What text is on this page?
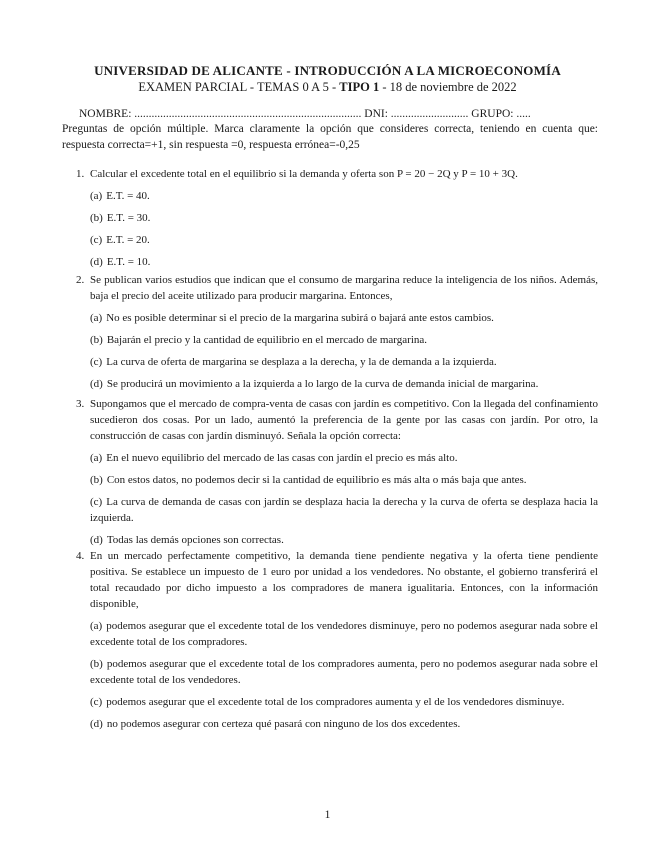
UNIVERSIDAD DE ALICANTE - INTRODUCCIÓN A LA MICROECONOMÍA
EXAMEN PARCIAL - TEMAS 0 A 5 - TIPO 1 - 18 de noviembre de 2022
NOMBRE: ............................................................................... DNI: ........................... GRUPO: .....
Preguntas de opción múltiple. Marca claramente la opción que consideres correcta, teniendo en cuenta que: respuesta correcta=+1, sin respuesta =0, respuesta errónea=-0,25
1. Calcular el excedente total en el equilibrio si la demanda y oferta son P = 20 − 2Q y P = 10 + 3Q.
(a) E.T. = 40.
(b) E.T. = 30.
(c) E.T. = 20.
(d) E.T. = 10.
2. Se publican varios estudios que indican que el consumo de margarina reduce la inteligencia de los niños. Además, baja el precio del aceite utilizado para producir margarina. Entonces,
(a) No es posible determinar si el precio de la margarina subirá o bajará ante estos cambios.
(b) Bajarán el precio y la cantidad de equilibrio en el mercado de margarina.
(c) La curva de oferta de margarina se desplaza a la derecha, y la de demanda a la izquierda.
(d) Se producirá un movimiento a la izquierda a lo largo de la curva de demanda inicial de margarina.
3. Supongamos que el mercado de compra-venta de casas con jardín es competitivo. Con la llegada del confinamiento sucedieron dos cosas. Por un lado, aumentó la preferencia de la gente por las casas con jardín. Por otro, la construcción de casas con jardín disminuyó. Señala la opción correcta:
(a) En el nuevo equilibrio del mercado de las casas con jardín el precio es más alto.
(b) Con estos datos, no podemos decir si la cantidad de equilibrio es más alta o más baja que antes.
(c) La curva de demanda de casas con jardín se desplaza hacia la derecha y la curva de oferta se desplaza hacia la izquierda.
(d) Todas las demás opciones son correctas.
4. En un mercado perfectamente competitivo, la demanda tiene pendiente negativa y la oferta tiene pendiente positiva. Se establece un impuesto de 1 euro por unidad a los vendedores. No obstante, el gobierno transferirá el total recaudado por dicho impuesto a los compradores de manera igualitaria. Entonces, con la información disponible,
(a) podemos asegurar que el excedente total de los vendedores disminuye, pero no podemos asegurar nada sobre el excedente total de los compradores.
(b) podemos asegurar que el excedente total de los compradores aumenta, pero no podemos asegurar nada sobre el excedente total de los vendedores.
(c) podemos asegurar que el excedente total de los compradores aumenta y el de los vendedores disminuye.
(d) no podemos asegurar con certeza qué pasará con ninguno de los dos excedentes.
1
